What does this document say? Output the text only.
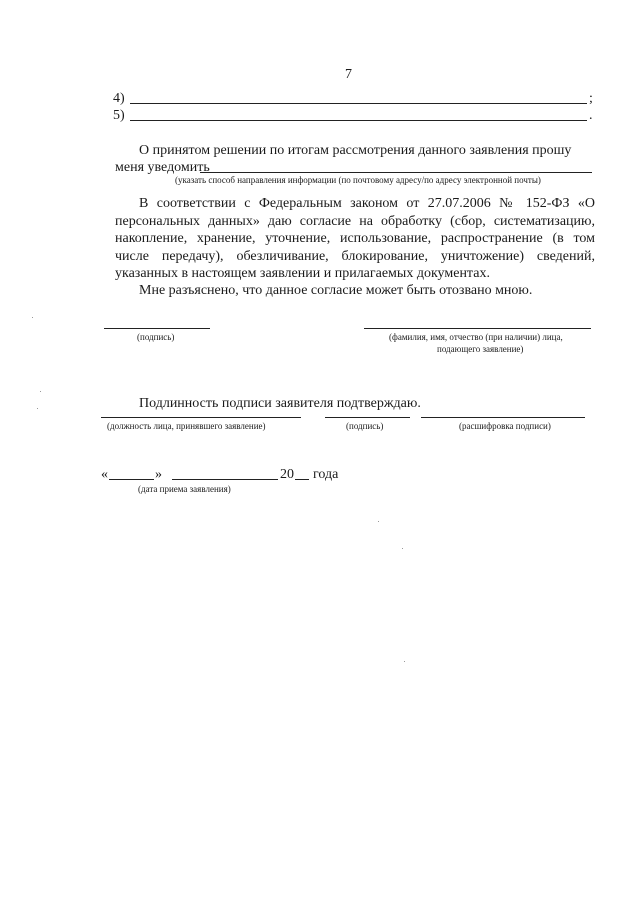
7
4)	;
5)	.
О принятом решении по итогам рассмотрения данного заявления прошу
меня уведомить
(указать способ направления информации (по почтовому адресу/по адресу электронной почты)
В соответствии с Федеральным законом от 27.07.2006 № 152-ФЗ «О персональных данных» даю согласие на обработку (сбор, систематизацию, накопление, хранение, уточнение, использование, распространение (в том числе передачу), обезличивание, блокирование, уничтожение) сведений, указанных в настоящем заявлении и прилагаемых документах.
Мне разъяснено, что данное согласие может быть отозвано мною.
(подпись)	(фамилия, имя, отчество (при наличии) лица,
подающего заявление)
Подлинность подписи заявителя подтверждаю.
(должность лица, принявшего заявление)	(подпись)	(расшифровка подписи)
«	»	20 года
(дата приема заявления)
